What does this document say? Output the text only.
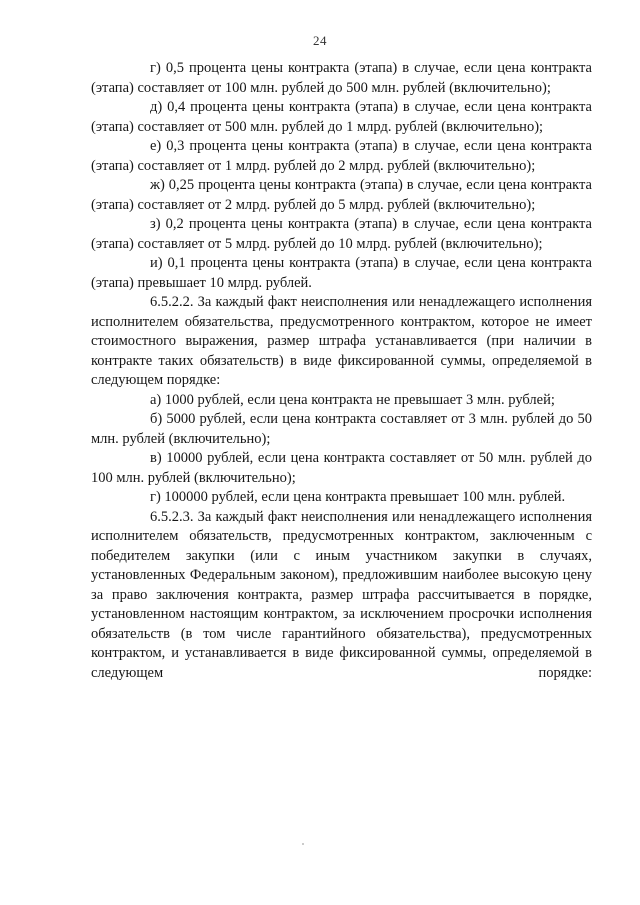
24

г) 0,5 процента цены контракта (этапа) в случае, если цена контракта (этапа) составляет от 100 млн. рублей до 500 млн. рублей (включительно);

д) 0,4 процента цены контракта (этапа) в случае, если цена контракта (этапа) составляет от 500 млн. рублей до 1 млрд. рублей (включительно);

е) 0,3 процента цены контракта (этапа) в случае, если цена контракта (этапа) составляет от 1 млрд. рублей до 2 млрд. рублей (включительно);

ж) 0,25 процента цены контракта (этапа) в случае, если цена контракта (этапа) составляет от 2 млрд. рублей до 5 млрд. рублей (включительно);

з) 0,2 процента цены контракта (этапа) в случае, если цена контракта (этапа) составляет от 5 млрд. рублей до 10 млрд. рублей (включительно);

и) 0,1 процента цены контракта (этапа) в случае, если цена контракта (этапа) превышает 10 млрд. рублей.

6.5.2.2. За каждый факт неисполнения или ненадлежащего исполнения исполнителем обязательства, предусмотренного контрактом, которое не имеет стоимостного выражения, размер штрафа устанавливается (при наличии в контракте таких обязательств) в виде фиксированной суммы, определяемой в следующем порядке:

а) 1000 рублей, если цена контракта не превышает 3 млн. рублей;

б) 5000 рублей, если цена контракта составляет от 3 млн. рублей до 50 млн. рублей (включительно);

в) 10000 рублей, если цена контракта составляет от 50 млн. рублей до 100 млн. рублей (включительно);

г) 100000 рублей, если цена контракта превышает 100 млн. рублей.

6.5.2.3. За каждый факт неисполнения или ненадлежащего исполнения исполнителем обязательств, предусмотренных контрактом, заключенным с победителем закупки (или с иным участником закупки в случаях, установленных Федеральным законом), предложившим наиболее высокую цену за право заключения контракта, размер штрафа рассчитывается в порядке, установленном настоящим контрактом, за исключением просрочки исполнения обязательств (в том числе гарантийного обязательства), предусмотренных контрактом, и устанавливается в виде фиксированной суммы, определяемой в следующем порядке:
